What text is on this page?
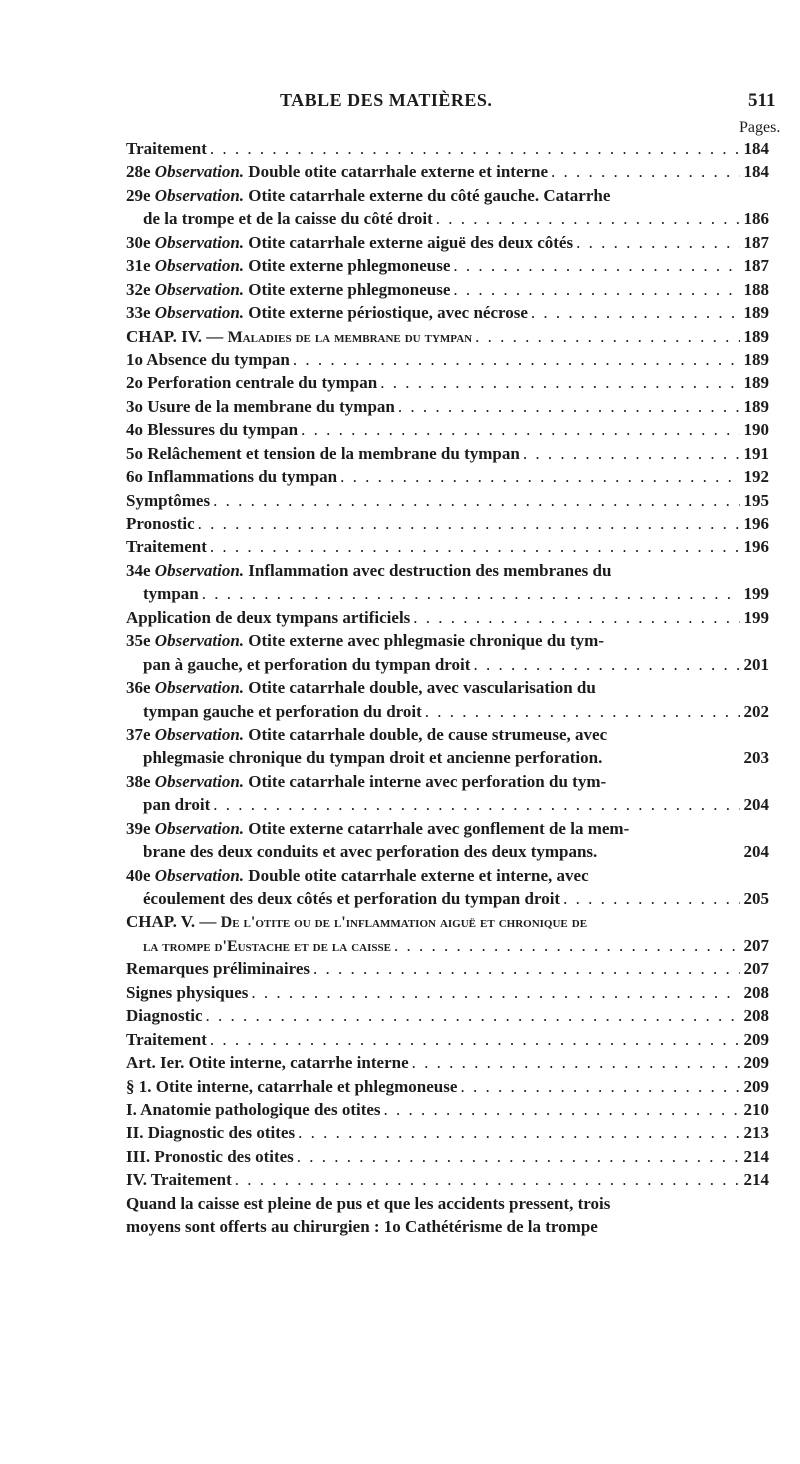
TABLE DES MATIÈRES.	511
Pages.
Traitement . . .	184
28e Observation. Double otite catarrhale externe et interne . . .	184
29e Observation. Otite catarrhale externe du côté gauche. Catarrhe
de la trompe et de la caisse du côté droit . . .	186
30e Observation. Otite catarrhale externe aiguë des deux côtés . . .	187
31e Observation. Otite externe phlegmoneuse . . .	187
32e Observation. Otite externe phlegmoneuse . . .	188
33e Observation. Otite externe périostique, avec nécrose . . .	189
CHAP. IV. — Maladies de la membrane du tympan . . .	189
1o Absence du tympan . . .	189
2o Perforation centrale du tympan . . .	189
3o Usure de la membrane du tympan . . .	189
4o Blessures du tympan . . .	190
5o Relâchement et tension de la membrane du tympan . . .	191
6o Inflammations du tympan . . .	192
Symptômes . . .	195
Pronostic . . .	196
Traitement . . .	196
34e Observation. Inflammation avec destruction des membranes du
tympan . . .	199
Application de deux tympans artificiels . . .	199
35e Observation. Otite externe avec phlegmasie chronique du tym-
pan à gauche, et perforation du tympan droit . . .	201
36e Observation. Otite catarrhale double, avec vascularisation du
tympan gauche et perforation du droit . . .	202
37e Observation. Otite catarrhale double, de cause strumeuse, avec
phlegmasie chronique du tympan droit et ancienne perforation.	203
38e Observation. Otite catarrhale interne avec perforation du tym-
pan droit . . .	204
39e Observation. Otite externe catarrhale avec gonflement de la mem-
brane des deux conduits et avec perforation des deux tympans.	204
40e Observation. Double otite catarrhale externe et interne, avec
écoulement des deux côtés et perforation du tympan droit . . .	205
CHAP. V. — De l'otite ou de l'inflammation aiguë et chronique de
la trompe d'Eustache et de la caisse . . .	207
Remarques préliminaires . . .	207
Signes physiques . . .	208
Diagnostic . . .	208
Traitement . . .	209
Art. Ier. Otite interne, catarrhe interne . . .	209
§ 1. Otite interne, catarrhale et phlegmoneuse . . .	209
I. Anatomie pathologique des otites . . .	210
II. Diagnostic des otites . . .	213
III. Pronostic des otites . . .	214
IV. Traitement . . .	214
Quand la caisse est pleine de pus et que les accidents pressent, trois
moyens sont offerts au chirurgien : 1o Cathétérisme de la trompe
